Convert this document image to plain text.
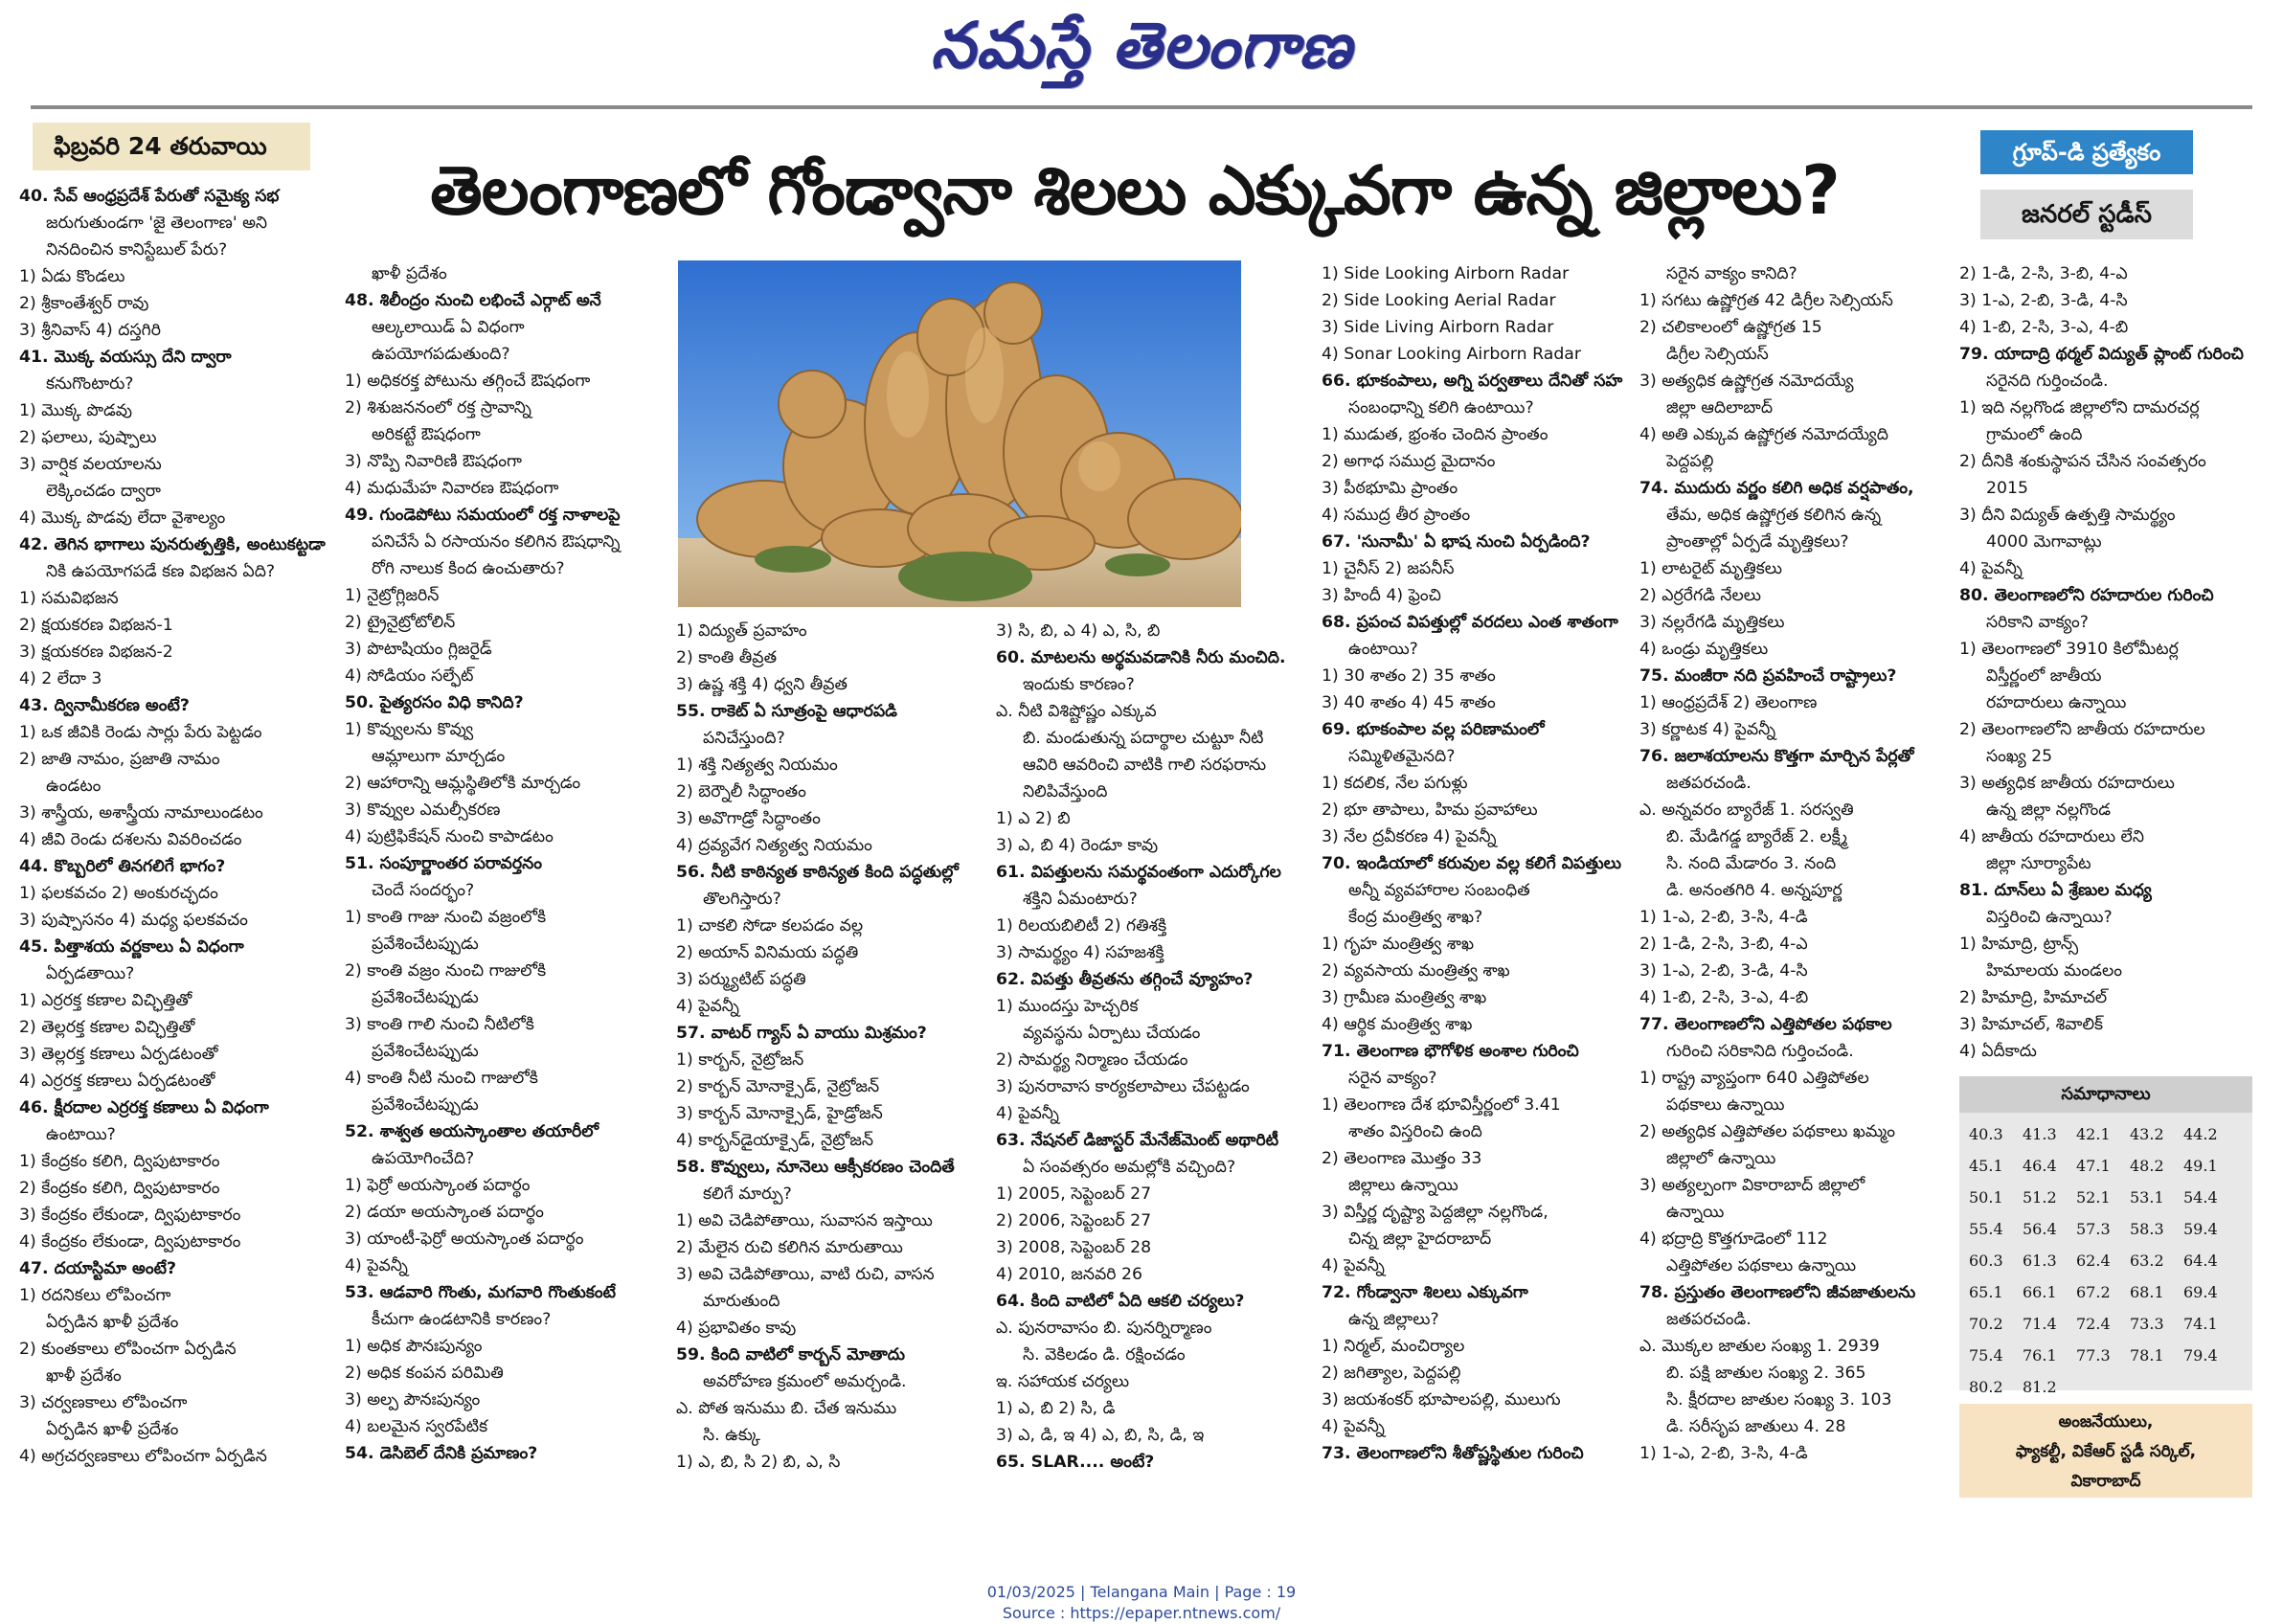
నమస్తే తెలంగాణ
ఫిబ్రవరి 24 తరువాయి
తెలంగాణలో గోండ్వానా శిలలు ఎక్కువగా ఉన్న జిల్లాలు?	గ్రూప్-డి ప్రత్యేకం
జనరల్ స్టడీస్

40. సేవ్ ఆంధ్రప్రదేశ్ పేరుతో సమైక్య సభ

జరుగుతుండగా 'జై తెలంగాణ' అని

నినదించిన కానిస్టేబుల్ పేరు?

1) ఏడు కొండలు

2) శ్రీకాంతేశ్వర్ రావు

3) శ్రీనివాస్ 4) దస్తగిరి

41. మొక్క వయస్సు దేని ద్వారా

కనుగొంటారు?

1) మొక్క పొడవు

2) ఫలాలు, పుష్పాలు

3) వార్షిక వలయాలను

లెక్కించడం ద్వారా

4) మొక్క పొడవు లేదా వైశాల్యం

42. తెగిన భాగాలు పునరుత్పత్తికి, అంటుకట్టడా

నికి ఉపయోగపడే కణ విభజన ఏది?

1) సమవిభజన

2) క్షయకరణ విభజన-1

3) క్షయకరణ విభజన-2

4) 2 లేదా 3

43. ద్వినామీకరణ అంటే?

1) ఒక జీవికి రెండు సార్లు పేరు పెట్టడం

2) జాతి నామం, ప్రజాతి నామం

ఉండటం

3) శాస్త్రీయ, అశాస్త్రీయ నామాలుండటం

4) జీవి రెండు దశలను వివరించడం

44. కొబ్బరిలో తినగలిగే భాగం?

1) ఫలకవచం 2) అంకురచ్ఛదం

3) పుష్పాసనం 4) మధ్య ఫలకవచం

45. పిత్తాశయ వర్ణకాలు ఏ విధంగా

ఏర్పడతాయి?

1) ఎర్రరక్త కణాల విచ్ఛిత్తితో

2) తెల్లరక్త కణాల విచ్ఛిత్తితో

3) తెల్లరక్త కణాలు ఏర్పడటంతో

4) ఎర్రరక్త కణాలు ఏర్పడటంతో

46. క్షీరదాల ఎర్రరక్త కణాలు ఏ విధంగా

ఉంటాయి?

1) కేంద్రకం కలిగి, ద్విపుటాకారం

2) కేంద్రకం కలిగి, ద్విపుటాకారం

3) కేంద్రకం లేకుండా, ద్విఫుటాకారం

4) కేంద్రకం లేకుండా, ద్విపుటాకారం

47. దయాస్టిమా అంటే?

1) రదనికలు లోపించగా

ఏర్పడిన ఖాళీ ప్రదేశం

2) కుంతకాలు లోపించగా ఏర్పడిన

ఖాళీ ప్రదేశం

3) చర్వణకాలు లోపించగా

ఏర్పడిన ఖాళీ ప్రదేశం

4) అగ్రచర్వణకాలు లోపించగా ఏర్పడిన

ఖాళీ ప్రదేశం

48. శిలీంద్రం నుంచి లభించే ఎర్గాట్ అనే

ఆల్కలాయిడ్ ఏ విధంగా

ఉపయోగపడుతుంది?

1) అధికరక్త పోటును తగ్గించే ఔషధంగా

2) శిశుజననంలో రక్త స్రావాన్ని

అరికట్టే ఔషధంగా

3) నొప్పి నివారిణి ఔషధంగా

4) మధుమేహ నివారణ ఔషధంగా

49. గుండెపోటు సమయంలో రక్త నాళాలపై

పనిచేసే ఏ రసాయనం కలిగిన ఔషధాన్ని

రోగి నాలుక కింద ఉంచుతారు?

1) నైట్రోగ్లిజరిన్

2) ట్రైనైట్రోటోలిన్

3) పొటాషియం గ్లిజరైడ్

4) సోడియం సల్ఫేట్

50. పైత్యరసం విధి కానిది?

1) కొవ్వులను కొవ్వు

ఆమ్లాలుగా మార్చడం

2) ఆహారాన్ని ఆమ్లస్థితిలోకి మార్చడం

3) కొవ్వుల ఎమల్సీకరణ

4) పుట్రిఫికేషన్ నుంచి కాపాడటం

51. సంపూర్ణాంతర పరావర్తనం

చెందే సందర్భం?

1) కాంతి గాజు నుంచి వజ్రంలోకి

ప్రవేశించేటప్పుడు

2) కాంతి వజ్రం నుంచి గాజులోకి

ప్రవేశించేటప్పుడు

3) కాంతి గాలి నుంచి నీటిలోకి

ప్రవేశించేటప్పుడు

4) కాంతి నీటి నుంచి గాజులోకి

ప్రవేశించేటప్పుడు

52. శాశ్వత అయస్కాంతాల తయారీలో

ఉపయోగించేది?

1) ఫెర్రో అయస్కాంత పదార్థం

2) డయా అయస్కాంత పదార్థం

3) యాంటీ-ఫెర్రో అయస్కాంత పదార్థం

4) పైవన్నీ

53. ఆడవారి గొంతు, మగవారి గొంతుకంటే

కీచుగా ఉండటానికి కారణం?

1) అధిక పౌనఃపున్యం

2) అధిక కంపన పరిమితి

3) అల్ప పౌనఃపున్యం

4) బలమైన స్వరపేటిక

54. డెసిబెల్ దేనికి ప్రమాణం?

1) విద్యుత్ ప్రవాహం

2) కాంతి తీవ్రత

3) ఉష్ణ శక్తి 4) ధ్వని తీవ్రత

55. రాకెట్ ఏ సూత్రంపై ఆధారపడి

పనిచేస్తుంది?

1) శక్తి నిత్యత్వ నియమం

2) బెర్నౌలీ సిద్ధాంతం

3) అవొగాడ్రో సిద్ధాంతం

4) ద్రవ్యవేగ నిత్యత్వ నియమం

56. నీటి కాఠిన్యత కాఠిన్యత కింది పద్ధతుల్లో

తొలగిస్తారు?

1) చాకలి సోడా కలపడం వల్ల

2) అయాన్ వినిమయ పద్ధతి

3) పర్మ్యుటిట్ పద్ధతి

4) పైవన్నీ

57. వాటర్ గ్యాస్ ఏ వాయు మిశ్రమం?

1) కార్బన్, నైట్రోజన్

2) కార్బన్ మోనాక్సైడ్, నైట్రోజన్

3) కార్బన్ మోనాక్సైడ్, హైడ్రోజన్

4) కార్బన్‌డైయాక్సైడ్, నైట్రోజన్

58. కొవ్వులు, నూనెలు ఆక్సీకరణం చెందితే

కలిగే మార్పు?

1) అవి చెడిపోతాయి, సువాసన ఇస్తాయి

2) మేలైన రుచి కలిగిన మారుతాయి

3) అవి చెడిపోతాయి, వాటి రుచి, వాసన

మారుతుంది

4) ప్రభావితం కావు

59. కింది వాటిలో కార్బన్ మోతాదు

అవరోహణ క్రమంలో అమర్చండి.

ఎ. పోత ఇనుము బి. చేత ఇనుము

సి. ఉక్కు

1) ఎ, బి, సి 2) బి, ఎ, సి

3) సి, బి, ఎ 4) ఎ, సి, బి

60. మాటలను అర్థమవడానికి నీరు మంచిది.

ఇందుకు కారణం?

ఎ. నీటి విశిష్టోష్ణం ఎక్కువ

బి. మండుతున్న పదార్థాల చుట్టూ నీటి

ఆవిరి ఆవరించి వాటికి గాలి సరఫరాను

నిలిపివేస్తుంది

1) ఎ 2) బి

3) ఎ, బి 4) రెండూ కావు

61. విపత్తులను సమర్థవంతంగా ఎదుర్కోగల

శక్తిని ఏమంటారు?

1) రిలయబిలిటీ 2) గతిశక్తి

3) సామర్థ్యం 4) సహజశక్తి

62. విపత్తు తీవ్రతను తగ్గించే వ్యూహం?

1) ముందస్తు హెచ్చరిక

వ్యవస్థను ఏర్పాటు చేయడం

2) సామర్థ్య నిర్మాణం చేయడం

3) పునరావాస కార్యకలాపాలు చేపట్టడం

4) పైవన్నీ

63. నేషనల్ డిజాస్టర్ మేనేజ్‌మెంట్ అథారిటీ

ఏ సంవత్సరం అమల్లోకి వచ్చింది?

1) 2005, సెప్టెంబర్ 27

2) 2006, సెప్టెంబర్ 27

3) 2008, సెప్టెంబర్ 28

4) 2010, జనవరి 26

64. కింది వాటిలో ఏది ఆకలి చర్యలు?

ఎ. పునరావాసం బి. పునర్నిర్మాణం

సి. వెకిలడం డి. రక్షించడం

ఇ. సహాయక చర్యలు

1) ఎ, బి 2) సి, డి

3) ఎ, డి, ఇ 4) ఎ, బి, సి, డి, ఇ

65. SLAR.... అంటే?

1) Side Looking Airborn Radar

2) Side Looking Aerial Radar

3) Side Living Airborn Radar

4) Sonar Looking Airborn Radar

66. భూకంపాలు, అగ్ని పర్వతాలు దేనితో సహ

సంబంధాన్ని కలిగి ఉంటాయి?

1) ముడుత, భ్రంశం చెందిన ప్రాంతం

2) అగాధ సముద్ర మైదానం

3) పీఠభూమి ప్రాంతం

4) సముద్ర తీర ప్రాంతం

67. 'సునామీ' ఏ భాష నుంచి ఏర్పడింది?

1) చైనీస్ 2) జపనీస్

3) హిందీ 4) ఫ్రెంచి

68. ప్రపంచ విపత్తుల్లో వరదలు ఎంత శాతంగా

ఉంటాయి?

1) 30 శాతం 2) 35 శాతం

3) 40 శాతం 4) 45 శాతం

69. భూకంపాల వల్ల పరిణామంలో

సమ్మిళితమైనది?

1) కదలిక, నేల పగుళ్లు

2) భూ తాపాలు, హిమ ప్రవాహాలు

3) నేల ద్రవీకరణ 4) పైవన్నీ

70. ఇండియాలో కరువుల వల్ల కలిగే విపత్తులు

అన్నీ వ్యవహారాల సంబంధిత

కేంద్ర మంత్రిత్వ శాఖ?

1) గృహ మంత్రిత్వ శాఖ

2) వ్యవసాయ మంత్రిత్వ శాఖ

3) గ్రామీణ మంత్రిత్వ శాఖ

4) ఆర్థిక మంత్రిత్వ శాఖ

71. తెలంగాణ భౌగోళిక అంశాల గురించి

సరైన వాక్యం?

1) తెలంగాణ దేశ భూవిస్తీర్ణంలో 3.41

శాతం విస్తరించి ఉంది

2) తెలంగాణ మొత్తం 33

జిల్లాలు ఉన్నాయి

3) విస్తీర్ణ దృష్ట్యా పెద్దజిల్లా నల్లగొండ,

చిన్న జిల్లా హైదరాబాద్

4) పైవన్నీ

72. గోండ్వానా శిలలు ఎక్కువగా

ఉన్న జిల్లాలు?

1) నిర్మల్, మంచిర్యాల

2) జగిత్యాల, పెద్దపల్లి

3) జయశంకర్ భూపాలపల్లి, ములుగు

4) పైవన్నీ

73. తెలంగాణలోని శీతోష్ణస్థితుల గురించి

సరైన వాక్యం కానిది?

1) సగటు ఉష్ణోగ్రత 42 డిగ్రీల సెల్సియస్

2) చలికాలంలో ఉష్ణోగ్రత 15

డిగ్రీల సెల్సియస్

3) అత్యధిక ఉష్ణోగ్రత నమోదయ్యే

జిల్లా ఆదిలాబాద్

4) అతి ఎక్కువ ఉష్ణోగ్రత నమోదయ్యేది

పెద్దపల్లి

74. ముదురు వర్ణం కలిగి అధిక వర్షపాతం,

తేమ, అధిక ఉష్ణోగ్రత కలిగిన ఉన్న

ప్రాంతాల్లో ఏర్పడే మృత్తికలు?

1) లాటరైట్ మృత్తికలు

2) ఎర్రరేగడి నేలలు

3) నల్లరేగడి మృత్తికలు

4) ఒండ్రు మృత్తికలు

75. మంజీరా నది ప్రవహించే రాష్ట్రాలు?

1) ఆంధ్రప్రదేశ్ 2) తెలంగాణ

3) కర్ణాటక 4) పైవన్నీ

76. జలాశయాలను కొత్తగా మార్చిన పేర్లతో

జతపరచండి.

ఎ. అన్నవరం బ్యారేజ్ 1. సరస్వతి

బి. మేడిగడ్డ బ్యారేజ్ 2. లక్ష్మీ

సి. నంది మేడారం 3. నంది

డి. అనంతగిరి 4. అన్నపూర్ణ

1) 1-ఎ, 2-బి, 3-సి, 4-డి

2) 1-డి, 2-సి, 3-బి, 4-ఎ

3) 1-ఎ, 2-బి, 3-డి, 4-సి

4) 1-బి, 2-సి, 3-ఎ, 4-బి

77. తెలంగాణలోని ఎత్తిపోతల పథకాల

గురించి సరికానిది గుర్తించండి.

1) రాష్ట్ర వ్యాప్తంగా 640 ఎత్తిపోతల

పథకాలు ఉన్నాయి

2) అత్యధిక ఎత్తిపోతల పథకాలు ఖమ్మం

జిల్లాలో ఉన్నాయి

3) అత్యల్పంగా వికారాబాద్ జిల్లాలో

ఉన్నాయి

4) భద్రాద్రి కొత్తగూడెంలో 112

ఎత్తిపోతల పథకాలు ఉన్నాయి

78. ప్రస్తుతం తెలంగాణలోని జీవజాతులను

జతపరచండి.

ఎ. మొక్కల జాతుల సంఖ్య 1. 2939

బి. పక్షి జాతుల సంఖ్య 2. 365

సి. క్షీరదాల జాతుల సంఖ్య 3. 103

డి. సరీసృప జాతులు 4. 28

1) 1-ఎ, 2-బి, 3-సి, 4-డి

2) 1-డి, 2-సి, 3-బి, 4-ఎ

3) 1-ఎ, 2-బి, 3-డి, 4-సి

4) 1-బి, 2-సి, 3-ఎ, 4-బి

79. యాదాద్రి థర్మల్ విద్యుత్ ప్లాంట్ గురించి

సరైనది గుర్తించండి.

1) ఇది నల్లగొండ జిల్లాలోని దామరచర్ల

గ్రామంలో ఉంది

2) దీనికి శంకుస్థాపన చేసిన సంవత్సరం

2015

3) దీని విద్యుత్ ఉత్పత్తి సామర్థ్యం

4000 మెగావాట్లు

4) పైవన్నీ

80. తెలంగాణలోని రహదారుల గురించి

సరికాని వాక్యం?

1) తెలంగాణలో 3910 కిలోమీటర్ల

విస్తీర్ణంలో జాతీయ

రహదారులు ఉన్నాయి

2) తెలంగాణలోని జాతీయ రహదారుల

సంఖ్య 25

3) అత్యధిక జాతీయ రహదారులు

ఉన్న జిల్లా నల్లగొండ

4) జాతీయ రహదారులు లేని

జిల్లా సూర్యాపేట

81. దూన్‌లు ఏ శ్రేణుల మధ్య

విస్తరించి ఉన్నాయి?

1) హిమాద్రి, ట్రాన్స్

హిమాలయ మండలం

2) హిమాద్రి, హిమాచల్

3) హిమాచల్, శివాలిక్

4) ఏదీకాదు

సమాధానాలు
40.3 41.3 42.1 43.2 44.245.1 46.4 47.1 48.2 49.150.1 51.2 52.1 53.1 54.455.4 56.4 57.3 58.3 59.460.3 61.3 62.4 63.2 64.465.1 66.1 67.2 68.1 69.470.2 71.4 72.4 73.3 74.175.4 76.1 77.3 78.1 79.480.2 81.2
అంజనేయులు,
ఫ్యాకల్టీ, వికేఆర్ స్టడీ సర్కిల్,
వికారాబాద్
01/03/2025 | Telangana Main | Page : 19
Source : https://epaper.ntnews.com/
